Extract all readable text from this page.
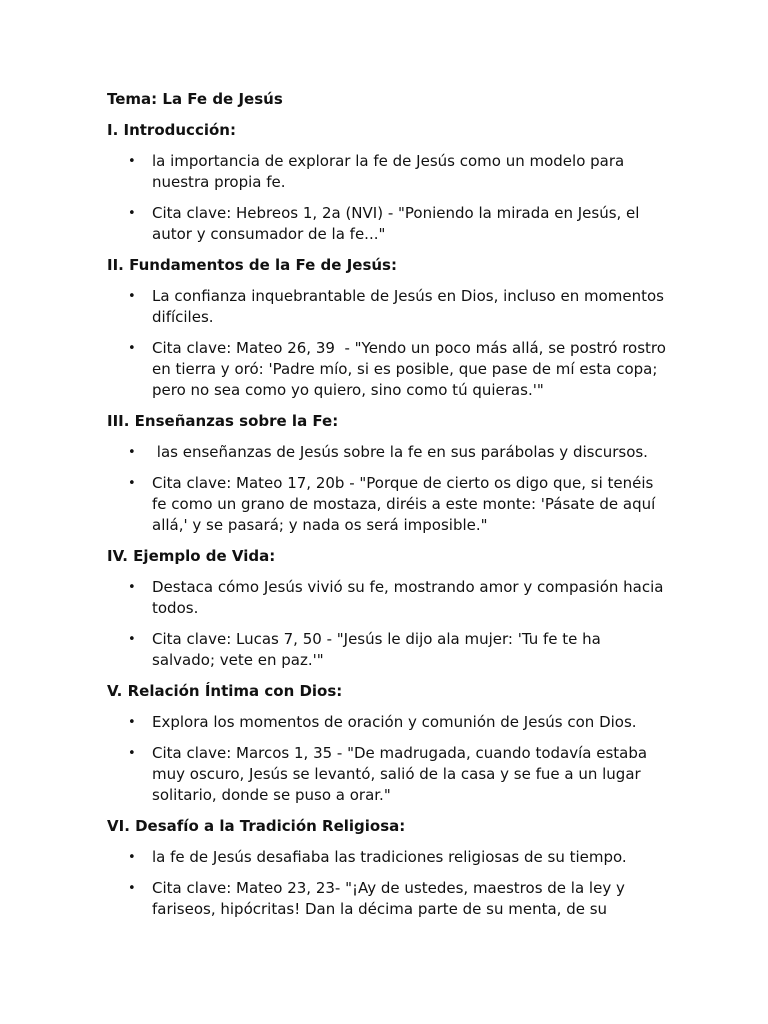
Tema: La Fe de Jesús
I. Introducción:
• la importancia de explorar la fe de Jesús como un modelo para nuestra propia fe.
• Cita clave: Hebreos 1, 2a (NVI) - "Poniendo la mirada en Jesús, el autor y consumador de la fe..."
II. Fundamentos de la Fe de Jesús:
• La confianza inquebrantable de Jesús en Dios, incluso en momentos difíciles.
• Cita clave: Mateo 26, 39  - "Yendo un poco más allá, se postró rostro en tierra y oró: 'Padre mío, si es posible, que pase de mí esta copa; pero no sea como yo quiero, sino como tú quieras.'"
III. Enseñanzas sobre la Fe:
• las enseñanzas de Jesús sobre la fe en sus parábolas y discursos.
• Cita clave: Mateo 17, 20b - "Porque de cierto os digo que, si tenéis fe como un grano de mostaza, diréis a este monte: 'Pásate de aquí allá,' y se pasará; y nada os será imposible."
IV. Ejemplo de Vida:
• Destaca cómo Jesús vivió su fe, mostrando amor y compasión hacia todos.
• Cita clave: Lucas 7, 50 - "Jesús le dijo ala mujer: 'Tu fe te ha salvado; vete en paz.'"
V. Relación Íntima con Dios:
• Explora los momentos de oración y comunión de Jesús con Dios.
• Cita clave: Marcos 1, 35 - "De madrugada, cuando todavía estaba muy oscuro, Jesús se levantó, salió de la casa y se fue a un lugar solitario, donde se puso a orar."
VI. Desafío a la Tradición Religiosa:
• la fe de Jesús desafiaba las tradiciones religiosas de su tiempo.
• Cita clave: Mateo 23, 23- "¡Ay de ustedes, maestros de la ley y fariseos, hipócritas! Dan la décima parte de su menta, de su
